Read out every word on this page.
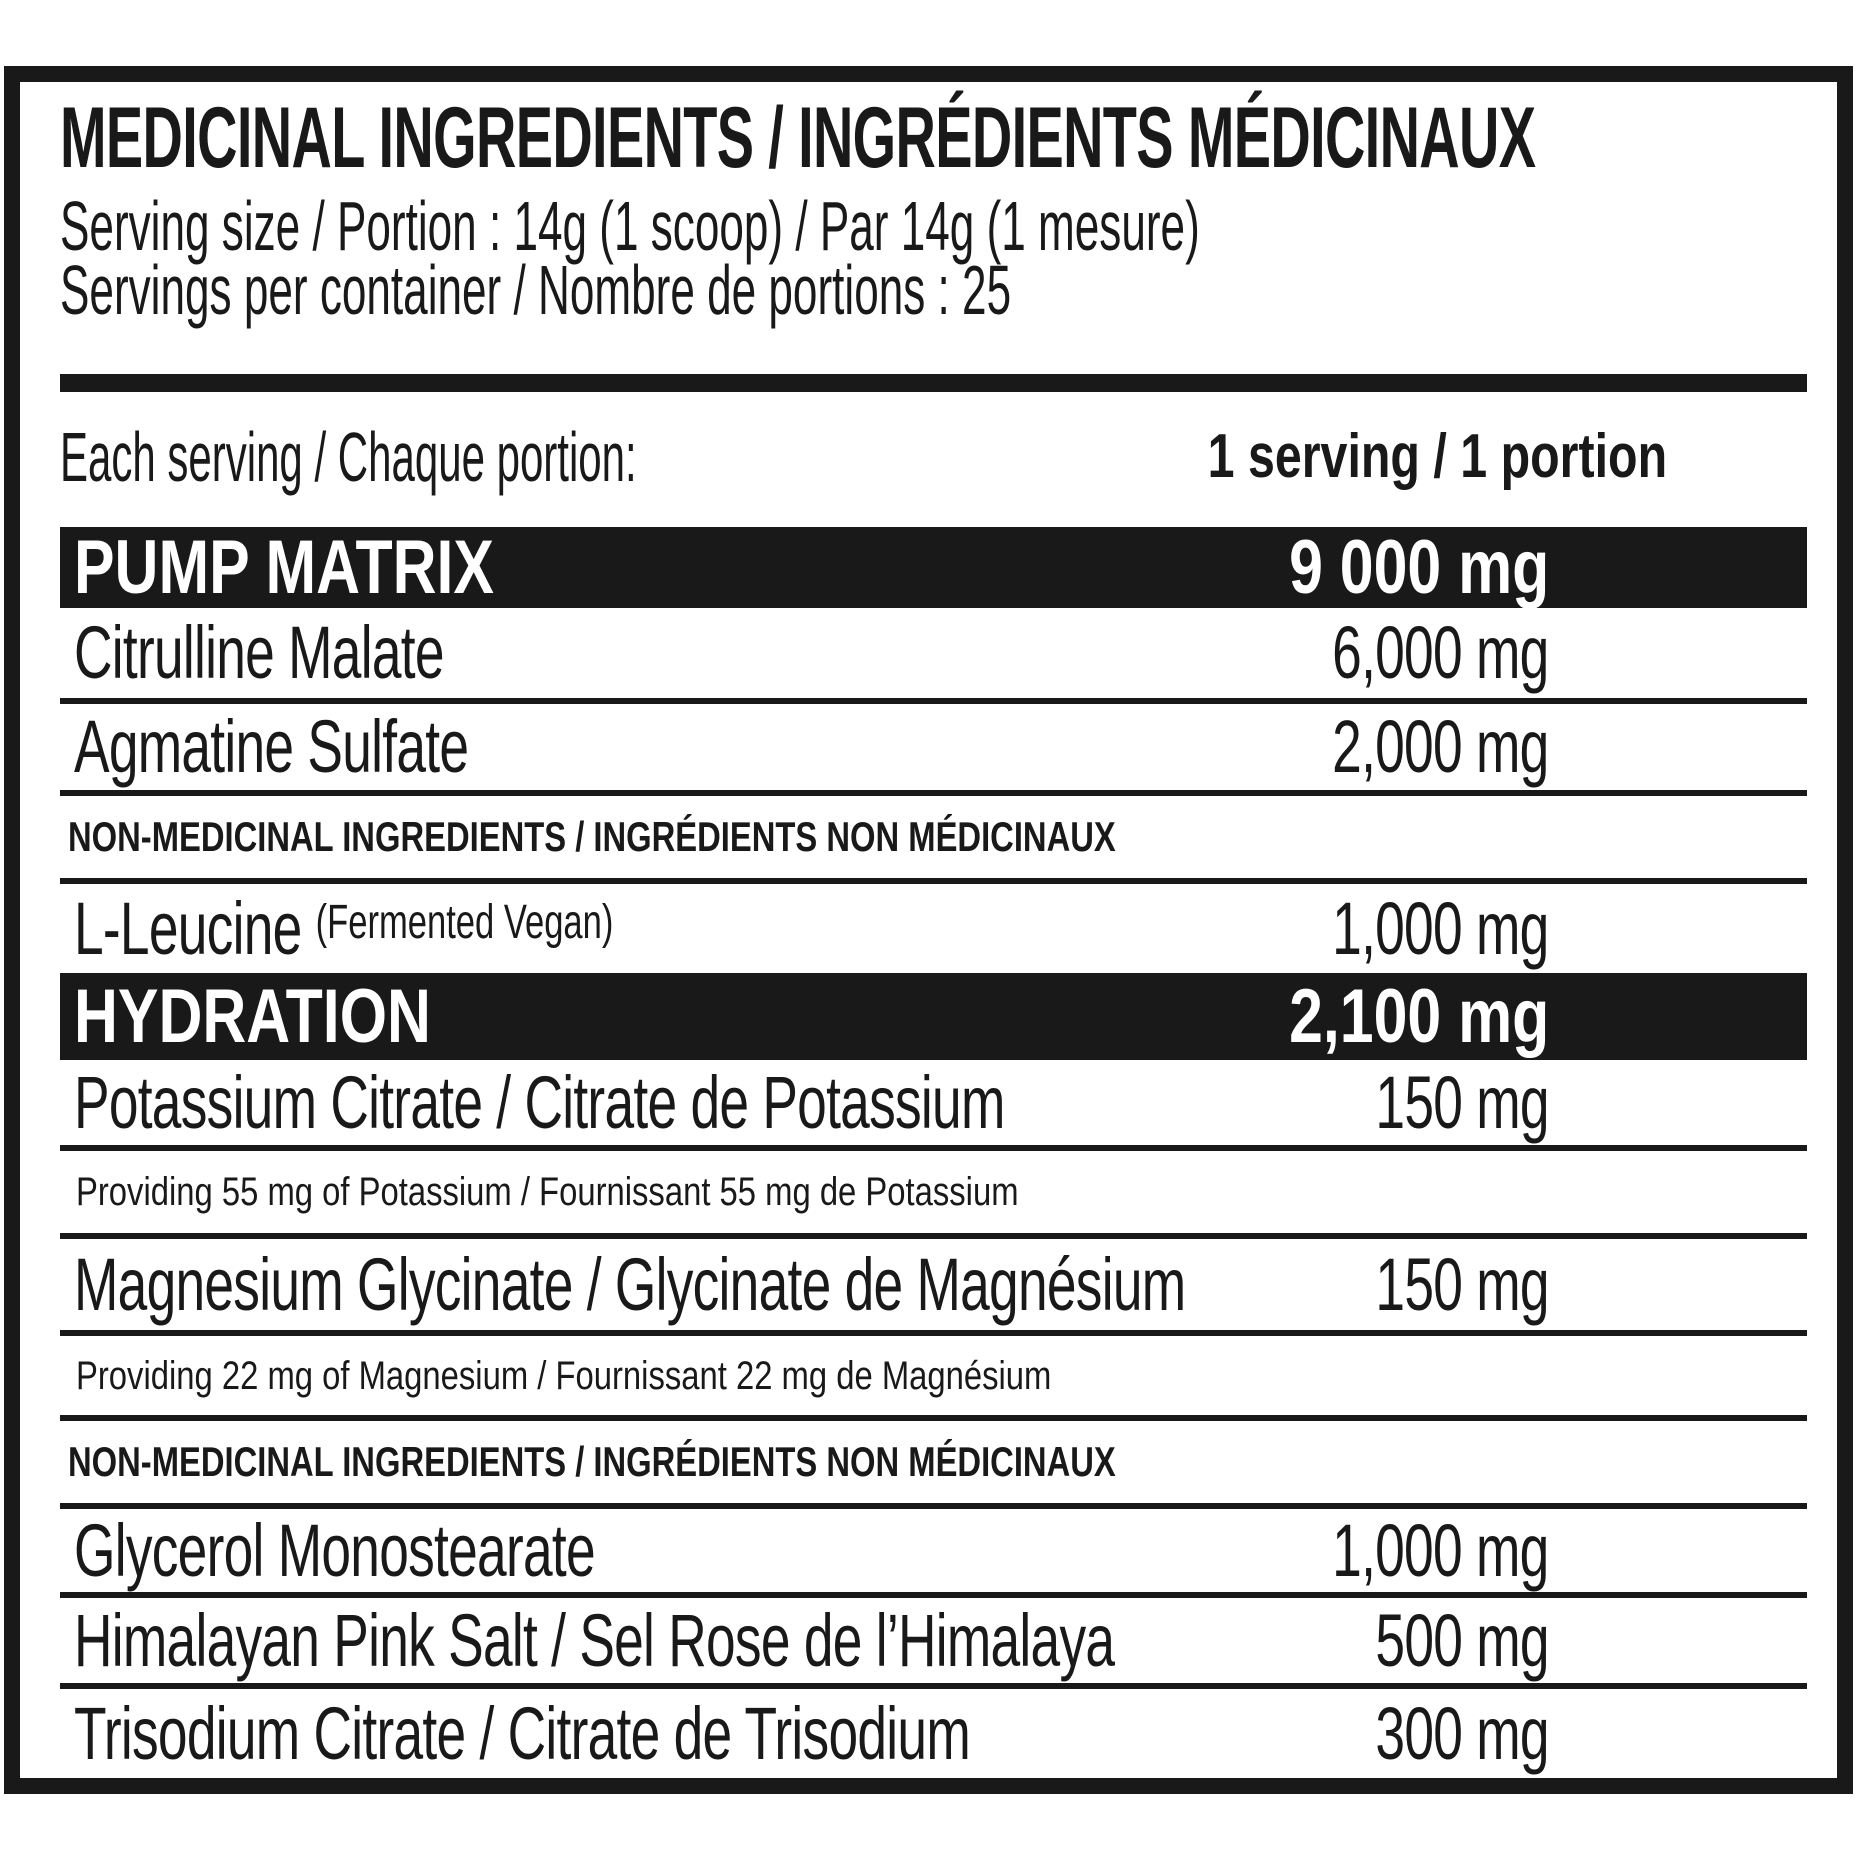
MEDICINAL INGREDIENTS / INGRÉDIENTS MÉDICINAUX
Serving size / Portion : 14g (1 scoop) / Par 14g (1 mesure)
Servings per container / Nombre de portions : 25
Each serving / Chaque portion:	1 serving / 1 portion
PUMP MATRIX	9 000 mg
Citrulline Malate	6,000 mg
Agmatine Sulfate	2,000 mg
NON-MEDICINAL INGREDIENTS / INGRÉDIENTS NON MÉDICINAUX
L-Leucine $^{(Fermented Vegan)}$	1,000 mg
HYDRATION	2,100 mg
Potassium Citrate / Citrate de Potassium	150 mg
Providing 55 mg of Potassium / Fournissant 55 mg de Potassium
Magnesium Glycinate / Glycinate de Magnésium	150 mg
Providing 22 mg of Magnesium / Fournissant 22 mg de Magnésium
NON-MEDICINAL INGREDIENTS / INGRÉDIENTS NON MÉDICINAUX
Glycerol Monostearate	1,000 mg
Himalayan Pink Salt / Sel Rose de l’Himalaya	500 mg
Trisodium Citrate / Citrate de Trisodium	300 mg
